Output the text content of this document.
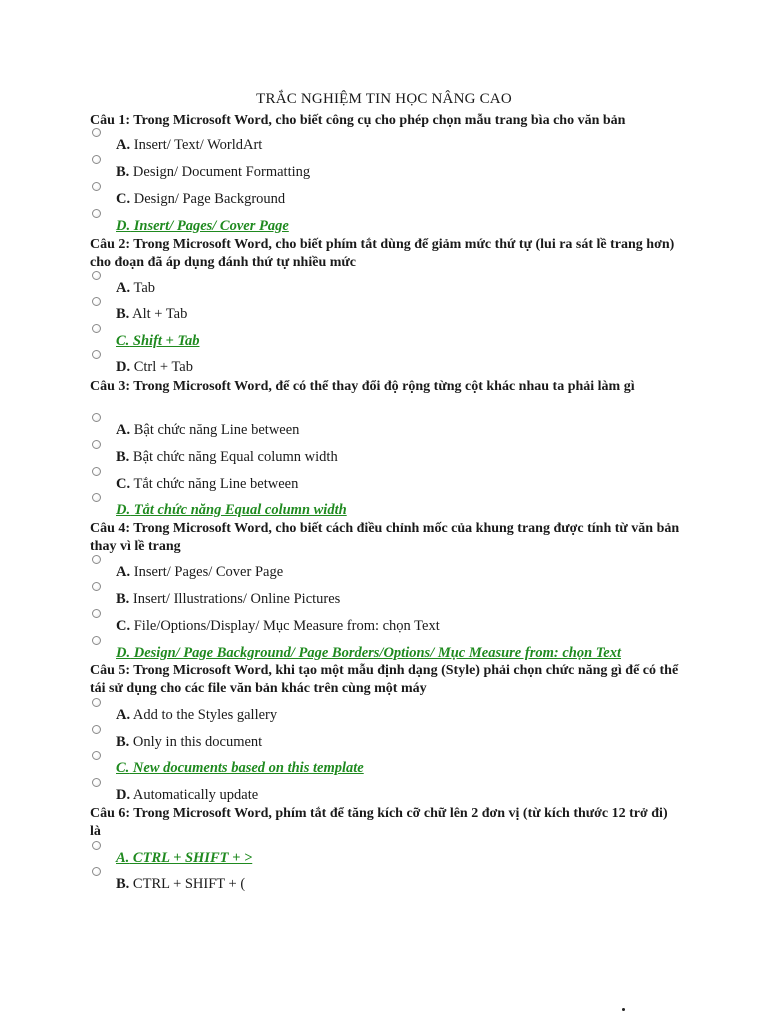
TRẮC NGHIỆM TIN HỌC NÂNG CAO
Câu 1: Trong Microsoft Word, cho biết công cụ cho phép chọn mẫu trang bìa cho văn bản
A. Insert/ Text/ WorldArt
B. Design/ Document Formatting
C. Design/ Page Background
D. Insert/ Pages/ Cover Page
Câu 2: Trong Microsoft Word, cho biết phím tắt dùng để giảm mức thứ tự (lui ra sát lề trang hơn) cho đoạn đã áp dụng đánh thứ tự nhiều mức
A. Tab
B. Alt + Tab
C. Shift + Tab
D. Ctrl + Tab
Câu 3: Trong Microsoft Word, để có thể thay đổi độ rộng từng cột khác nhau ta phải làm gì
A. Bật chức năng Line between
B. Bật chức năng Equal column width
C. Tắt chức năng Line between
D. Tắt chức năng Equal column width
Câu 4: Trong Microsoft Word, cho biết cách điều chỉnh mốc của khung trang được tính từ văn bản thay vì lề trang
A. Insert/ Pages/ Cover Page
B. Insert/ Illustrations/ Online Pictures
C. File/Options/Display/ Mục Measure from: chọn Text
D. Design/ Page Background/ Page Borders/Options/ Mục Measure from: chọn Text
Câu 5: Trong Microsoft Word, khi tạo một mẫu định dạng (Style) phải chọn chức năng gì để có thể tái sử dụng cho các file văn bản khác trên cùng một máy
A. Add to the Styles gallery
B. Only in this document
C. New documents based on this template
D. Automatically update
Câu 6: Trong Microsoft Word, phím tắt để tăng kích cỡ chữ lên 2 đơn vị (từ kích thước 12 trở đi) là
A. CTRL + SHIFT + >
B. CTRL + SHIFT + (
